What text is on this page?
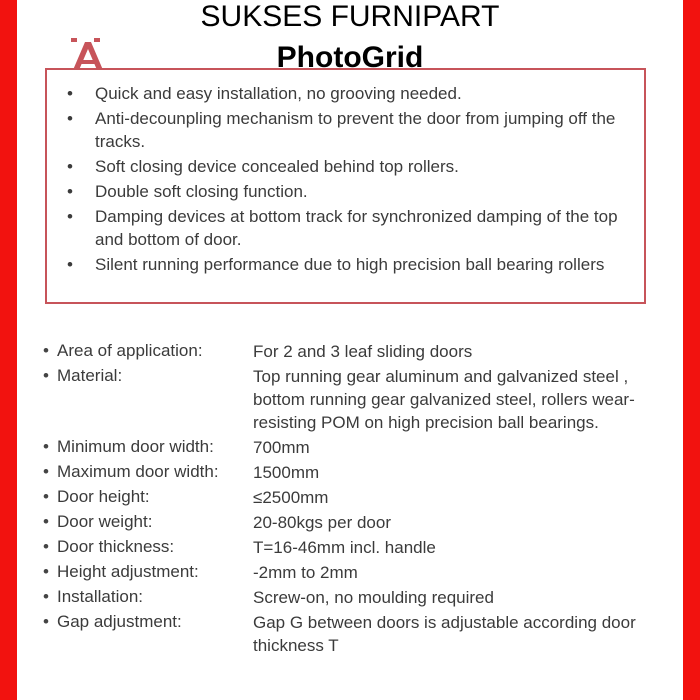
SUKSES FURNIPART
PhotoGrid
•	Quick and easy installation, no grooving needed.
•	Anti-decounpling mechanism to prevent the door from jumping off the tracks.
•	Soft closing device concealed behind top rollers.
•	Double soft closing function.
•	Damping devices at bottom track for synchronized damping of the top and bottom of door.
•	Silent running performance due to high precision ball bearing rollers
• Area of application:	For 2 and 3 leaf sliding doors
• Material:	Top running gear aluminum and galvanized steel , bottom running gear galvanized steel, rollers wear-resisting POM on high precision ball bearings.
• Minimum door width:	700mm
• Maximum door width:	1500mm
• Door height:	≤2500mm
• Door weight:	20-80kgs per door
• Door thickness:	T=16-46mm incl. handle
• Height adjustment:	-2mm to 2mm
• Installation:	Screw-on, no moulding required
• Gap adjustment:	Gap G between doors is adjustable according door thickness T
